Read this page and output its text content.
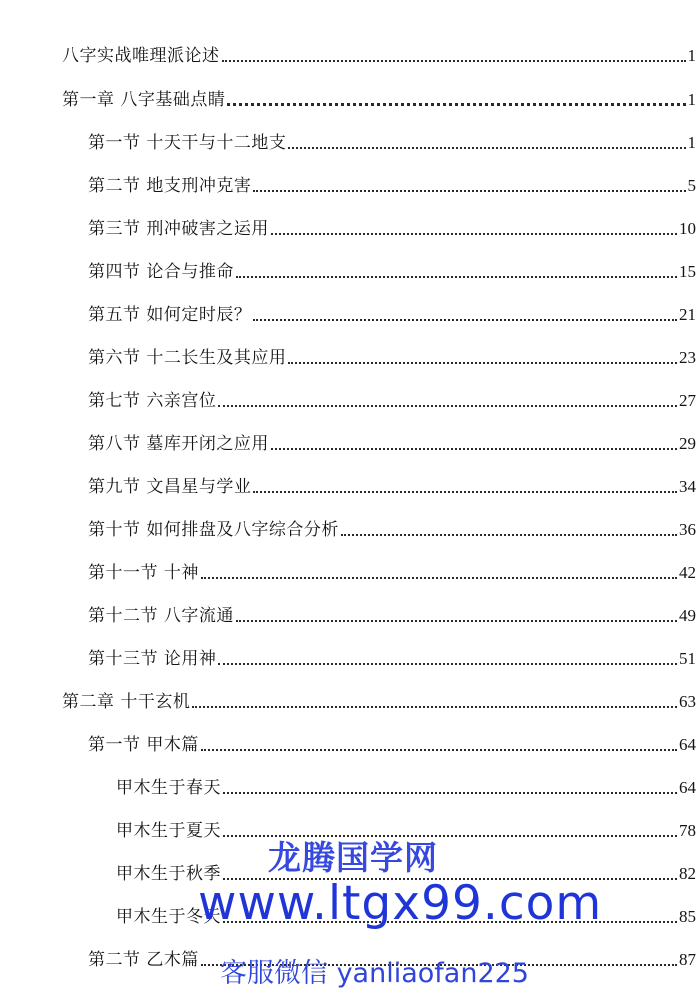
八字实战唯理派论述	1
第一章 八字基础点睛	1
第一节 十天干与十二地支	1
第二节 地支刑冲克害	5
第三节 刑冲破害之运用	10
第四节 论合与推命	15
第五节 如何定时辰？	21
第六节 十二长生及其应用	23
第七节 六亲宫位	27
第八节 墓库开闭之应用	29
第九节 文昌星与学业	34
第十节 如何排盘及八字综合分析	36
第十一节 十神	42
第十二节 八字流通	49
第十三节 论用神	51
第二章 十干玄机	63
第一节 甲木篇	64
甲木生于春天	64
甲木生于夏天	78
甲木生于秋季	82
甲木生于冬天	85
第二节 乙木篇	87
龙腾国学网
www.ltgx99.com
客服微信 yanliaofan225
